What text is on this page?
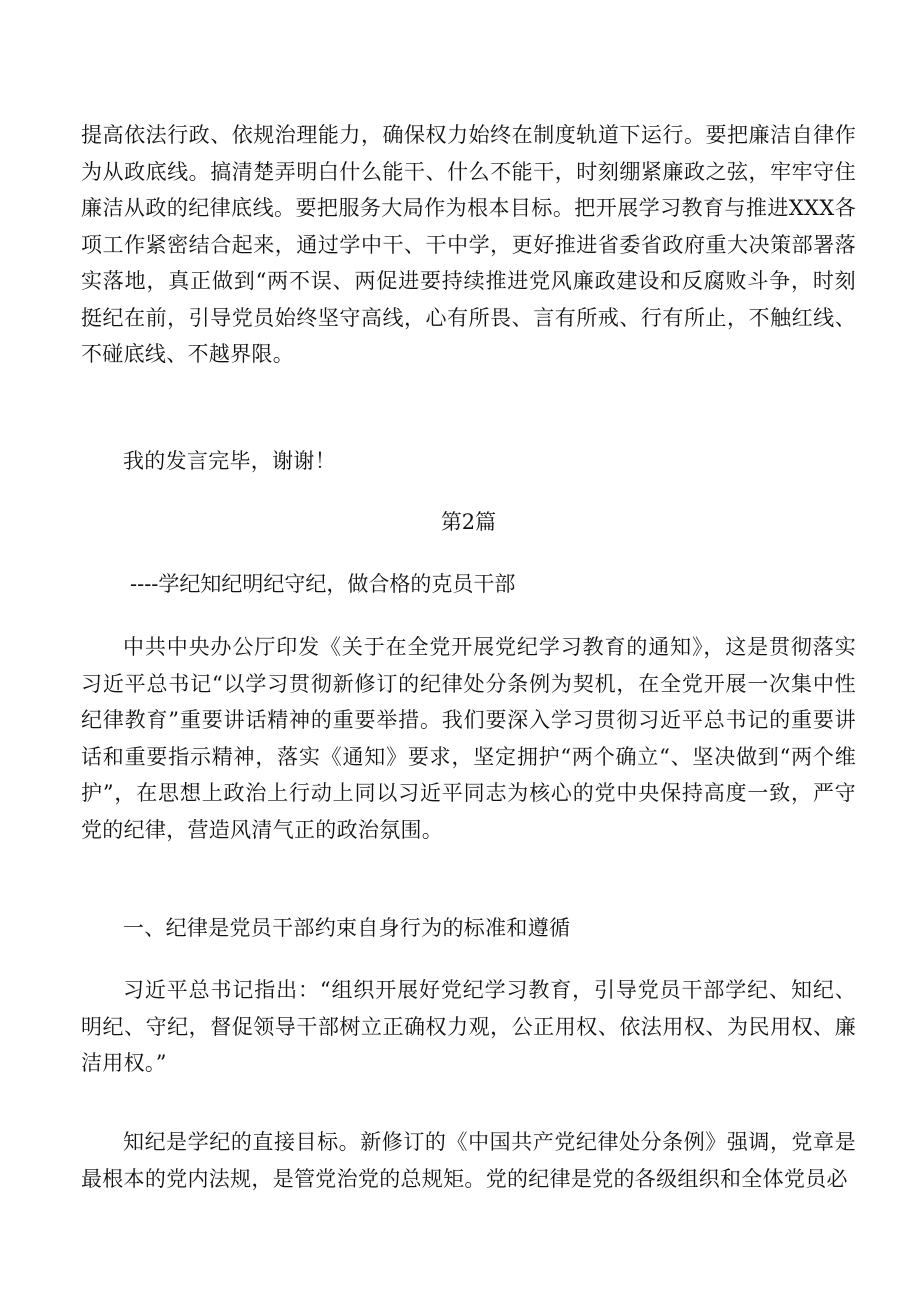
提高依法行政、依规治理能力，确保权力始终在制度轨道下运行。要把廉洁自律作为从政底线。搞清楚弄明白什么能干、什么不能干，时刻绷紧廉政之弦，牢牢守住廉洁从政的纪律底线。要把服务大局作为根本目标。把开展学习教育与推进XXX各项工作紧密结合起来，通过学中干、干中学，更好推进省委省政府重大决策部署落实落地，真正做到“两不误、两促进要持续推进党风廉政建设和反腐败斗争，时刻挺纪在前，引导党员始终坚守高线，心有所畏、言有所戒、行有所止，不触红线、不碰底线、不越界限。

我的发言完毕，谢谢！

第2篇

----学纪知纪明纪守纪，做合格的克员干部

中共中央办公厅印发《关于在全党开展党纪学习教育的通知》，这是贯彻落实习近平总书记“以学习贯彻新修订的纪律处分条例为契机，在全党开展一次集中性纪律教育”重要讲话精神的重要举措。我们要深入学习贯彻习近平总书记的重要讲话和重要指示精神，落实《通知》要求，坚定拥护“两个确立“、坚决做到“两个维护”，在思想上政治上行动上同以习近平同志为核心的党中央保持高度一致，严守党的纪律，营造风清气正的政治氛围。

一、纪律是党员干部约束自身行为的标准和遵循

习近平总书记指出：“组织开展好党纪学习教育，引导党员干部学纪、知纪、明纪、守纪，督促领导干部树立正确权力观，公正用权、依法用权、为民用权、廉洁用权。”

知纪是学纪的直接目标。新修订的《中国共产党纪律处分条例》强调，党章是最根本的党内法规，是管党治党的总规矩。党的纪律是党的各级组织和全体党员必
